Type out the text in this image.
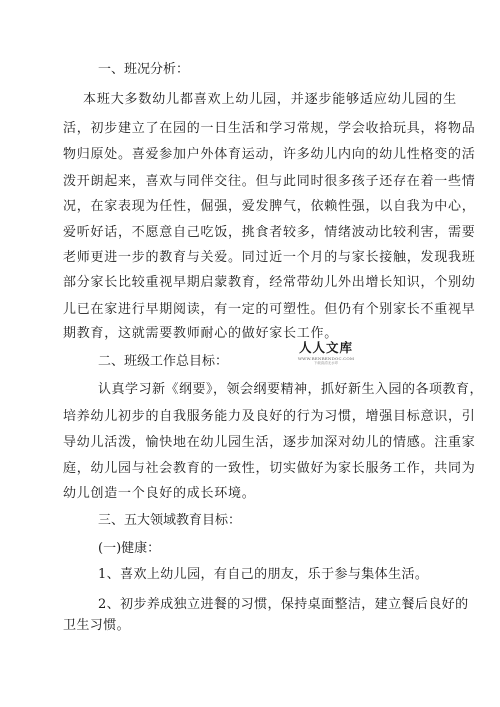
一、班况分析：
本班大多数幼儿都喜欢上幼儿园，并逐步能够适应幼儿园的生
活，初步建立了在园的一日生活和学习常规，学会收拾玩具，将物品
物归原处。喜爱参加户外体育运动，许多幼儿内向的幼儿性格变的活
泼开朗起来，喜欢与同伴交往。但与此同时很多孩子还存在着一些情
况，在家表现为任性，倔强，爱发脾气，依赖性强，以自我为中心，
爱听好话，不愿意自己吃饭，挑食者较多，情绪波动比较利害，需要
老师更进一步的教育与关爱。同过近一个月的与家长接触，发现我班
部分家长比较重视早期启蒙教育，经常带幼儿外出增长知识，个别幼
儿已在家进行早期阅读，有一定的可塑性。但仍有个别家长不重视早
期教育，这就需要教师耐心的做好家长工作。
二、班级工作总目标：
人人文库
WWW.RENRENDOC.COM
下载高清无水印
认真学习新《纲要》，领会纲要精神，抓好新生入园的各项教育，
培养幼儿初步的自我服务能力及良好的行为习惯，增强目标意识，引
导幼儿活泼，愉快地在幼儿园生活，逐步加深对幼儿的情感。注重家
庭，幼儿园与社会教育的一致性，切实做好为家长服务工作，共同为
幼儿创造一个良好的成长环境。
三、五大领域教育目标：
(一)健康：
1、喜欢上幼儿园，有自己的朋友，乐于参与集体生活。
2、初步养成独立进餐的习惯，保持桌面整洁，建立餐后良好的
卫生习惯。
